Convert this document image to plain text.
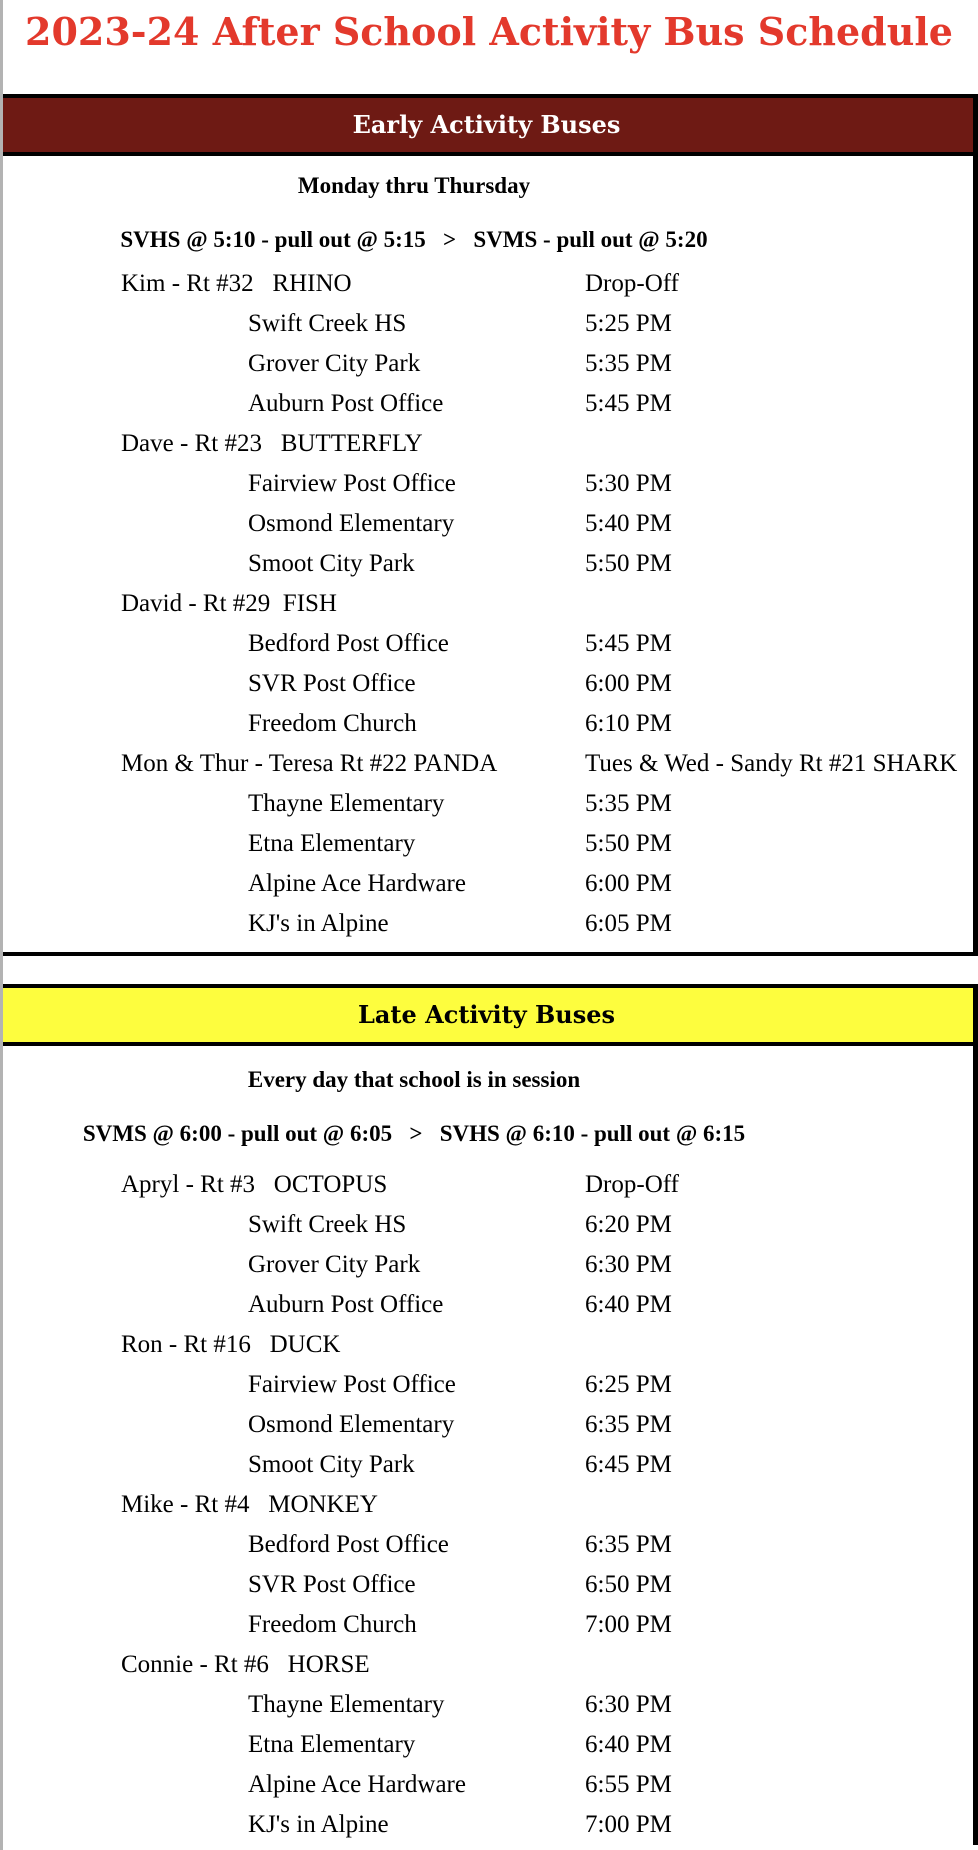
2023-24 After School Activity Bus Schedule
Early Activity Buses
Monday thru Thursday
SVHS @ 5:10 - pull out @ 5:15   >   SVMS - pull out @ 5:20
Kim - Rt #32   RHINO	Drop-Off
Swift Creek HS	5:25 PM
Grover City Park	5:35 PM
Auburn Post Office	5:45 PM
Dave - Rt #23   BUTTERFLY
Fairview Post Office	5:30 PM
Osmond Elementary	5:40 PM
Smoot City Park	5:50 PM
David - Rt #29  FISH
Bedford Post Office	5:45 PM
SVR Post Office	6:00 PM
Freedom Church	6:10 PM
Mon & Thur - Teresa Rt #22 PANDA	Tues & Wed - Sandy Rt #21 SHARK
Thayne Elementary	5:35 PM
Etna Elementary	5:50 PM
Alpine Ace Hardware	6:00 PM
KJ's in Alpine	6:05 PM
Late Activity Buses
Every day that school is in session
SVMS @ 6:00 - pull out @ 6:05   >   SVHS @ 6:10 - pull out @ 6:15
Apryl - Rt #3   OCTOPUS	Drop-Off
Swift Creek HS	6:20 PM
Grover City Park	6:30 PM
Auburn Post Office	6:40 PM
Ron - Rt #16   DUCK
Fairview Post Office	6:25 PM
Osmond Elementary	6:35 PM
Smoot City Park	6:45 PM
Mike - Rt #4   MONKEY
Bedford Post Office	6:35 PM
SVR Post Office	6:50 PM
Freedom Church	7:00 PM
Connie - Rt #6   HORSE
Thayne Elementary	6:30 PM
Etna Elementary	6:40 PM
Alpine Ace Hardware	6:55 PM
KJ's in Alpine	7:00 PM
